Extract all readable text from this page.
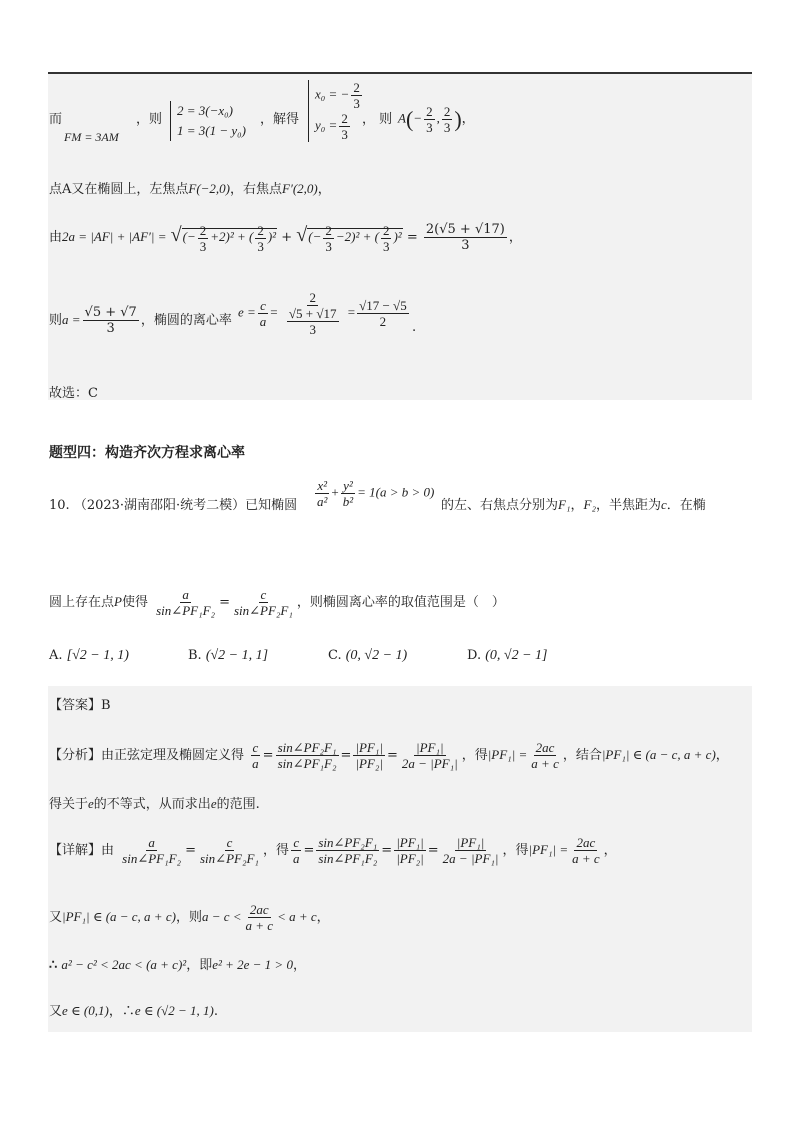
而
FM = 3AM
，则
2 = 3(−x₀)
1 = 3(1 − y₀)
，解得
x₀ = − $\frac{2}{3}$
$y_0 = \frac{2}{3}$ ， 则 $A(- \frac{2}{3}$ , $\frac{2}{3}$ )，
点A又在椭圆上，左焦点F(−2,0)，右焦点F′(2,0)，
由2a = |AF| + |AF′| = √(− $\frac{2}{3} +2)^2$ + ( $\frac{2}{3} )^2$ + √(− $\frac{2}{3} -2)^2$ + ( $\frac{2}{3} )^2 = \frac{2(√5 + √17)}{3}$ ，
则$a = \frac{√5 + √7}{3}$ ，椭圆的离心率
$e = \frac{c}{a} = \frac{2}{\frac{√5 + √17}{3}} = \frac{√17 - √5}{2}$ .
故选：C
题型四：构造齐次方程求离心率
10. （2023·湖南邵阳·统考二模）已知椭圆 $\frac{\text{x²}}{\text{a²}} + \frac{\text{y²}}{\text{b²}} = 1(a > b > 0)$
的左、右焦点分别为F₁，F₂，半焦距为c．在椭
圆上存在点P使得 $\frac{a}{\text{sin∠PF₁F₂}} = \frac{c}{\text{sin∠PF₂F₁}}$ ，则椭圆离心率的取值范围是（　）
A. [√2 − 1, 1)	B. (√2 − 1, 1]	C. (0, √2 − 1)	D. (0, √2 − 1]
【答案】B
【分析】由正弦定理及椭圆定义得 $\frac{c}{a} = \frac{\text{sin∠PF₂F₁}}{\text{sin∠PF₁F₂}} = \frac{\text{|PF₁|}}{\text{|PF₂|}} = \frac{\text{|PF₁|}}{\text{2a − |PF₁|}}$ ，得$|PF_1| = \frac{2ac}{a + c}$ ，结合|PF₁| ∈ (a − c, a + c)，
得关于e的不等式，从而求出e的范围.
【详解】由 $\frac{a}{\text{sin∠PF₁F₂}} = \frac{c}{\text{sin∠PF₂F₁}}$ ，得 $\frac{c}{a} = \frac{\text{sin∠PF₂F₁}}{\text{sin∠PF₁F₂}} = \frac{\text{|PF₁|}}{\text{|PF₂|}} = \frac{\text{|PF₁|}}{\text{2a − |PF₁|}}$ ，得$|PF_1| = \frac{2ac}{a + c}$ ，
又|PF₁| ∈ (a − c, a + c)，则$a - c < \frac{2ac}{a + c} < a + c$，
∴ a² − c² < 2ac < (a + c)²，即e² + 2e − 1 > 0，
又e ∈ (0,1)，∴e ∈ (√2 − 1, 1).
